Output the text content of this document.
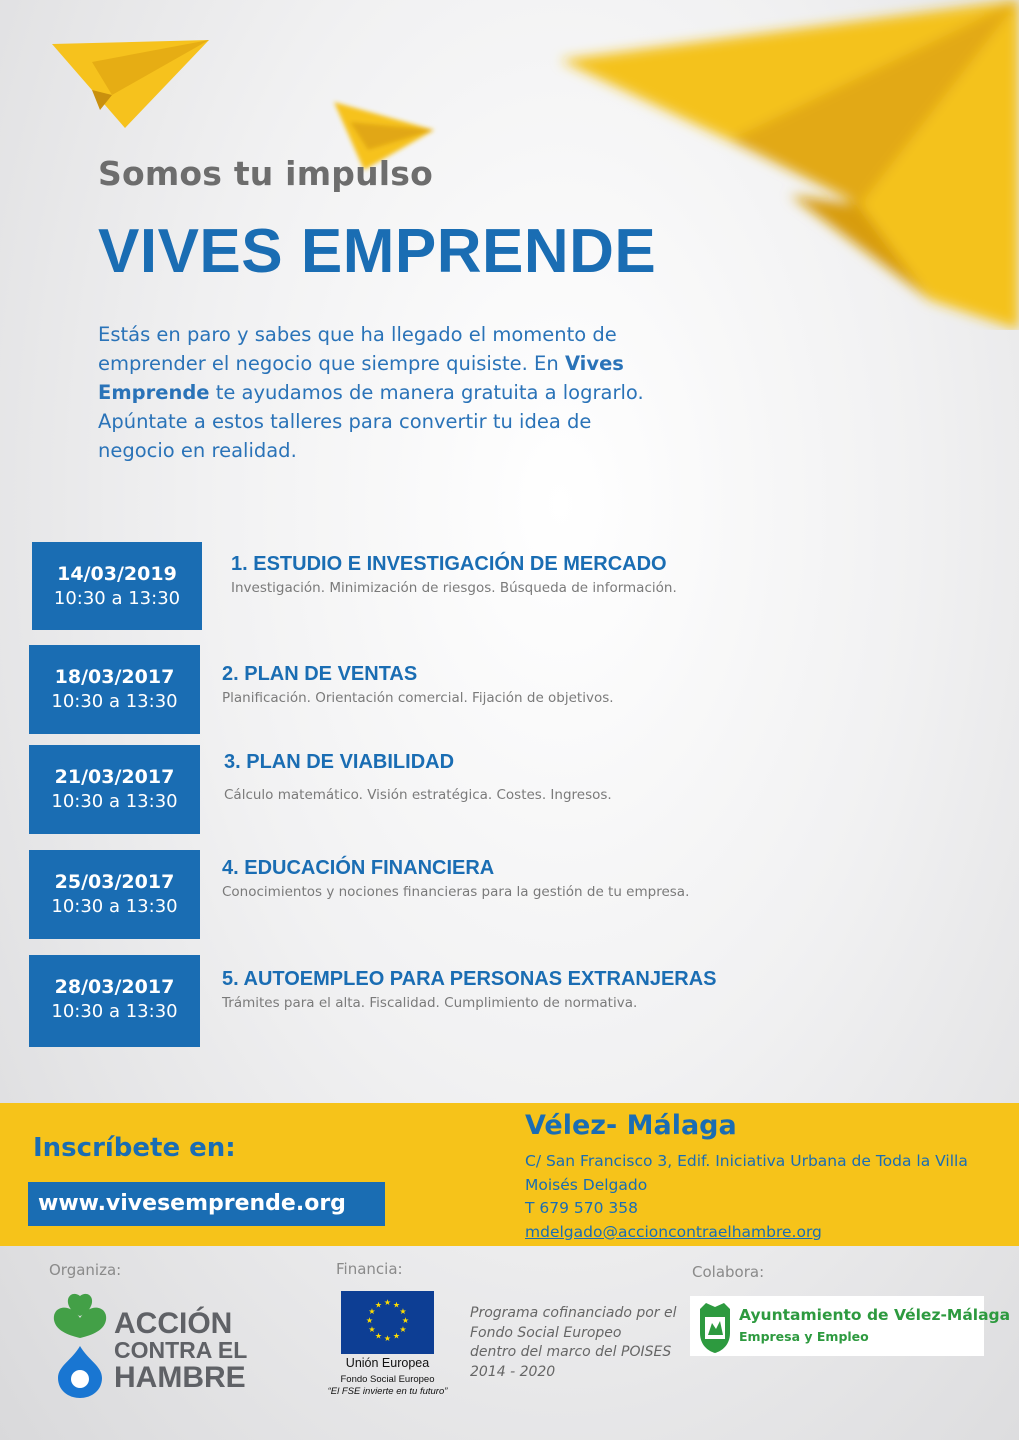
Somos tu impulso
VIVES EMPRENDE
Estás en paro y sabes que ha llegado el momento de emprender el negocio que siempre quisiste. En Vives Emprende te ayudamos de manera gratuita a lograrlo. Apúntate a estos talleres para convertir tu idea de negocio en realidad.
14/03/2019
10:30 a 13:30
1. ESTUDIO E INVESTIGACIÓN DE MERCADO
Investigación. Minimización de riesgos. Búsqueda de información.
18/03/2017
10:30 a 13:30
2. PLAN DE VENTAS
Planificación. Orientación comercial. Fijación de objetivos.
21/03/2017
10:30 a 13:30
3. PLAN DE VIABILIDAD
Cálculo matemático. Visión estratégica. Costes. Ingresos.
25/03/2017
10:30 a 13:30
4. EDUCACIÓN FINANCIERA
Conocimientos y nociones financieras para la gestión de tu empresa.
28/03/2017
10:30 a 13:30
5. AUTOEMPLEO PARA PERSONAS EXTRANJERAS
Trámites para el alta. Fiscalidad. Cumplimiento de normativa.
Inscríbete en:
www.vivesemprende.org
Vélez- Málaga
C/ San Francisco 3, Edif. Iniciativa Urbana de Toda la Villa
Moisés Delgado
T 679 570 358
mdelgado@accioncontraelhambre.org
Organiza:
ACCIÓN
CONTRA EL
HAMBRE
Financia:
★ ★
★
★
★
★
★
★
★
★
★
★
Unión Europea
Fondo Social Europeo
“El FSE invierte en tu futuro”
Programa cofinanciado por el
Fondo Social Europeo
dentro del marco del POISES
2014 - 2020
Colabora:
Ayuntamiento de Vélez-Málaga
Empresa y Empleo
